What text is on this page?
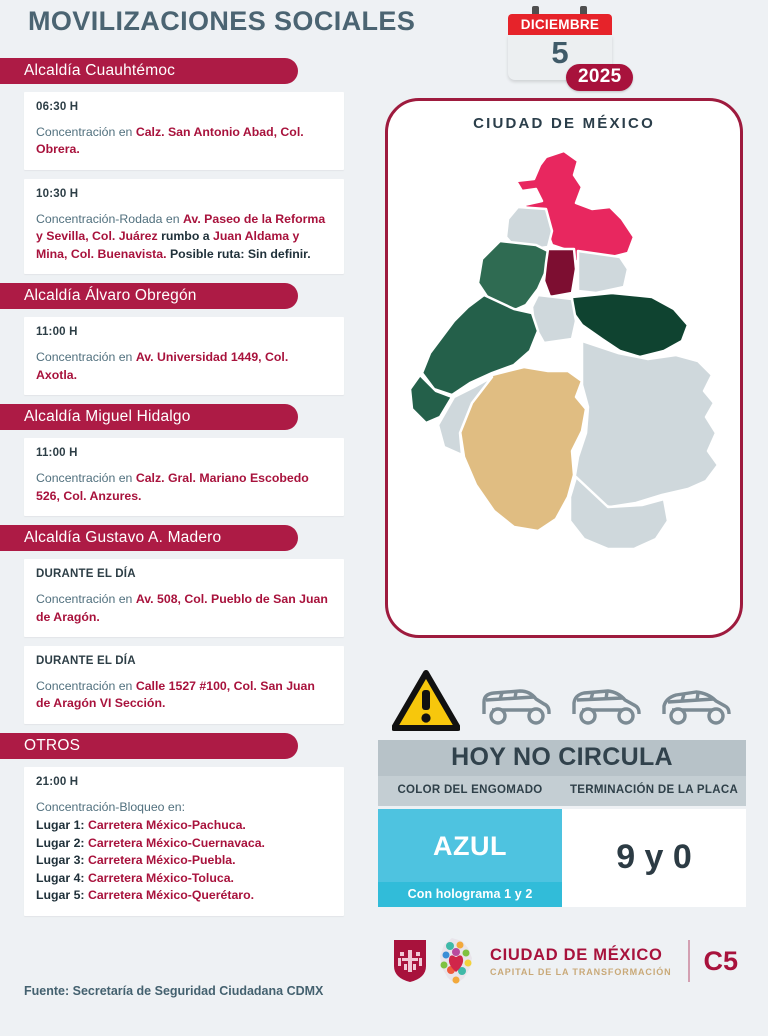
MOVILIZACIONES SOCIALES	DICIEMBRE
5
2025
Alcaldía Cuauhtémoc
06:30 H
Concentración en Calz. San Antonio Abad, Col. Obrera.
10:30 H
Concentración-Rodada en Av. Paseo de la Reforma y Sevilla, Col. Juárez rumbo a Juan Aldama y Mina, Col. Buenavista. Posible ruta: Sin definir.
Alcaldía Álvaro Obregón
11:00 H
Concentración en Av. Universidad 1449, Col. Axotla.
Alcaldía Miguel Hidalgo
11:00 H
Concentración en Calz. Gral. Mariano Escobedo 526, Col. Anzures.
Alcaldía Gustavo A. Madero
DURANTE EL DÍA
Concentración en Av. 508, Col. Pueblo de San Juan de Aragón.
DURANTE EL DÍA
Concentración en Calle 1527 #100, Col. San Juan de Aragón VI Sección.
OTROS
21:00 H
Concentración-Bloqueo en:
Lugar 1: Carretera México-Pachuca.
Lugar 2: Carretera México-Cuernavaca.
Lugar 3: Carretera México-Puebla.
Lugar 4: Carretera México-Toluca.
Lugar 5: Carretera México-Querétaro.
Fuente: Secretaría de Seguridad Ciudadana CDMX
CIUDAD DE MÉXICO
HOY NO CIRCULA
COLOR DEL ENGOMADO	TERMINACIÓN DE LA PLACA
AZUL
Con holograma 1 y 2
9 y 0
CIUDAD DE MÉXICO
CAPITAL DE LA TRANSFORMACIÓN C5
